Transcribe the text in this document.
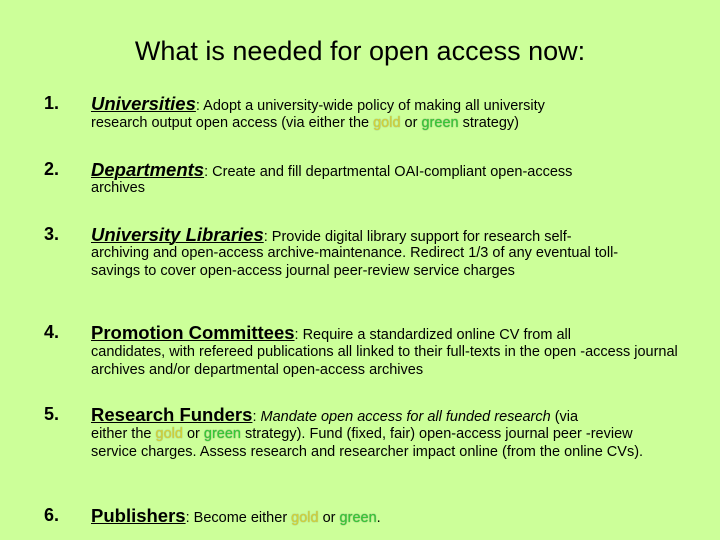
What is needed for open access now:
1. Universities: Adopt a university-wide policy of making all university
research output open access (via either the gold or green strategy)
2. Departments: Create and fill departmental OAI-compliant open-access
archives
3. University Libraries: Provide digital library support for research self-
archiving and open-access archive-maintenance. Redirect 1/3 of any eventual toll-savings to cover open-access journal peer-review service charges
4. Promotion Committees: Require a standardized online CV from all
candidates, with refereed publications all linked to their full-texts in the open -access journal archives and/or departmental open-access archives
5. Research Funders: Mandate open access for all funded research (via
either the gold or green strategy). Fund (fixed, fair) open-access journal peer -review service charges. Assess research and researcher impact online (from the online CVs).
6. Publishers: Become either gold or green.
